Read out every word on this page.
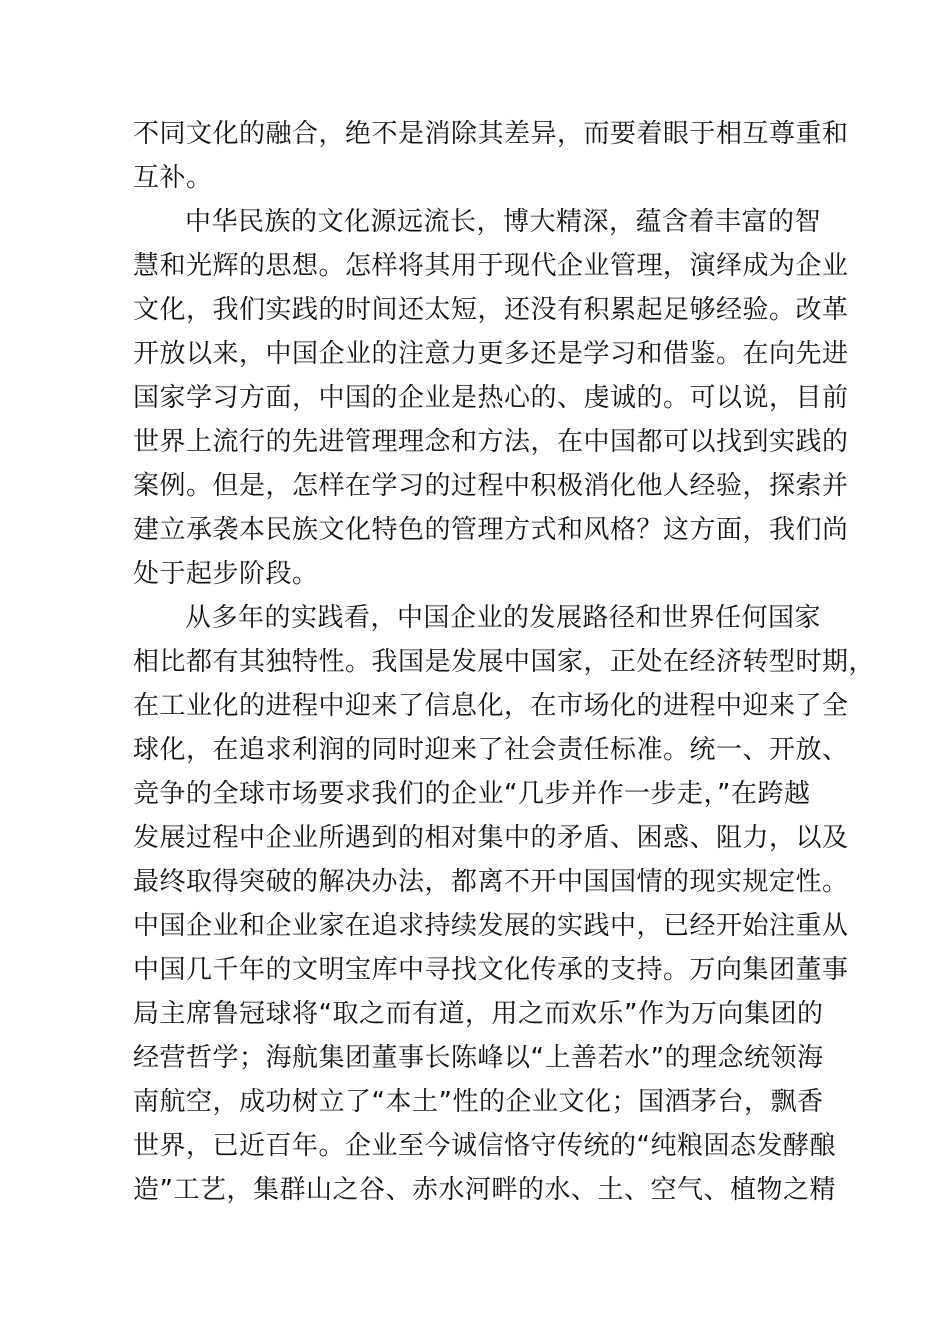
不同文化的融合，绝不是消除其差异，而要着眼于相互尊重和
互补。
中华民族的文化源远流长，博大精深，蕴含着丰富的智
慧和光辉的思想。怎样将其用于现代企业管理，演绎成为企业
文化，我们实践的时间还太短，还没有积累起足够经验。改革
开放以来，中国企业的注意力更多还是学习和借鉴。在向先进
国家学习方面，中国的企业是热心的、虔诚的。可以说，目前
世界上流行的先进管理理念和方法，在中国都可以找到实践的
案例。但是，怎样在学习的过程中积极消化他人经验，探索并
建立承袭本民族文化特色的管理方式和风格？这方面，我们尚
处于起步阶段。
从多年的实践看，中国企业的发展路径和世界任何国家
相比都有其独特性。我国是发展中国家，正处在经济转型时期，
在工业化的进程中迎来了信息化，在市场化的进程中迎来了全
球化，在追求利润的同时迎来了社会责任标准。统一、开放、
竞争的全球市场要求我们的企业“几步并作一步走，”在跨越
发展过程中企业所遇到的相对集中的矛盾、困惑、阻力，以及
最终取得突破的解决办法，都离不开中国国情的现实规定性。
中国企业和企业家在追求持续发展的实践中，已经开始注重从
中国几千年的文明宝库中寻找文化传承的支持。万向集团董事
局主席鲁冠球将“取之而有道，用之而欢乐”作为万向集团的
经营哲学；海航集团董事长陈峰以“上善若水”的理念统领海
南航空，成功树立了“本土”性的企业文化；国酒茅台，飘香
世界，已近百年。企业至今诚信恪守传统的“纯粮固态发酵酿
造”工艺，集群山之谷、赤水河畔的水、土、空气、植物之精
